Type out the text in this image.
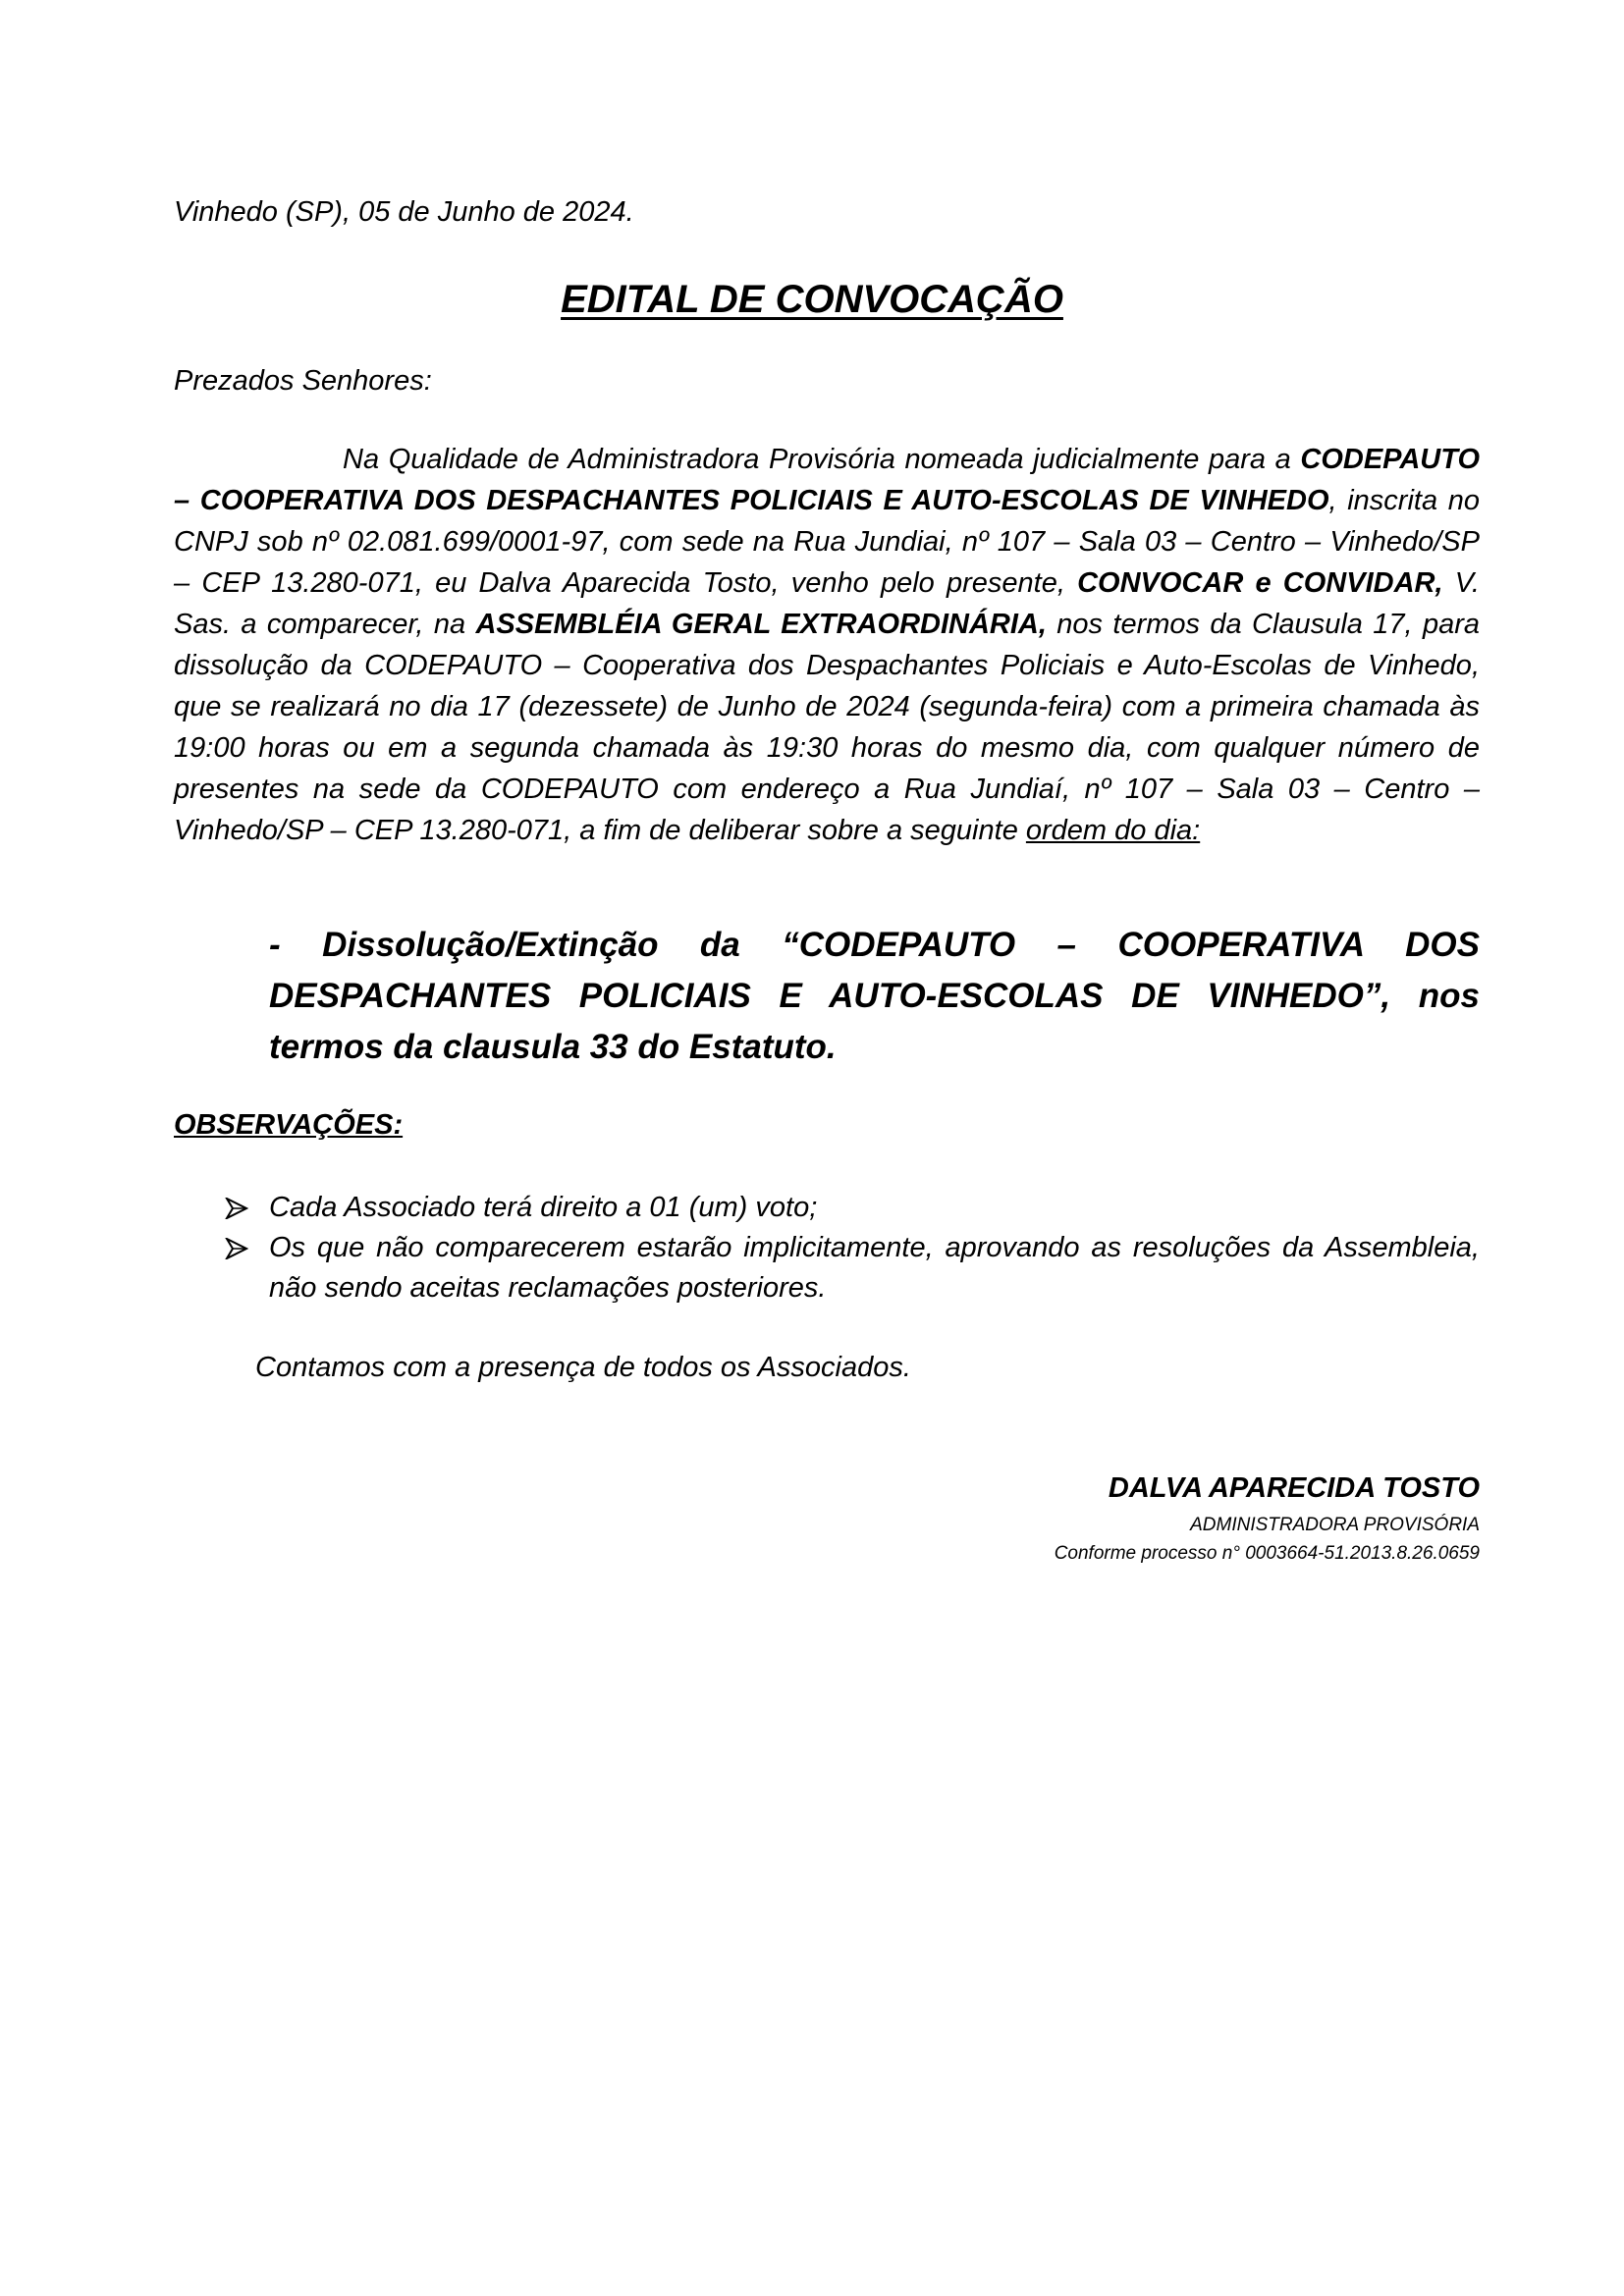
Vinhedo (SP), 05 de Junho de 2024.
EDITAL DE CONVOCAÇÃO
Prezados Senhores:
Na Qualidade de Administradora Provisória nomeada judicialmente para a CODEPAUTO – COOPERATIVA DOS DESPACHANTES POLICIAIS E AUTO-ESCOLAS DE VINHEDO, inscrita no CNPJ sob nº 02.081.699/0001-97, com sede na Rua Jundiai, nº 107 – Sala 03 – Centro – Vinhedo/SP – CEP 13.280-071, eu Dalva Aparecida Tosto, venho pelo presente, CONVOCAR e CONVIDAR, V. Sas. a comparecer, na ASSEMBLÉIA GERAL EXTRAORDINÁRIA, nos termos da Clausula 17, para dissolução da CODEPAUTO – Cooperativa dos Despachantes Policiais e Auto-Escolas de Vinhedo, que se realizará no dia 17 (dezessete) de Junho de 2024 (segunda-feira) com a primeira chamada às 19:00 horas ou em a segunda chamada às 19:30 horas do mesmo dia, com qualquer número de presentes na sede da CODEPAUTO com endereço a Rua Jundiaí, nº 107 – Sala 03 – Centro – Vinhedo/SP – CEP 13.280-071, a fim de deliberar sobre a seguinte ordem do dia:
- Dissolução/Extinção da “CODEPAUTO – COOPERATIVA DOS DESPACHANTES POLICIAIS E AUTO-ESCOLAS DE VINHEDO”, nos termos da clausula 33 do Estatuto.
OBSERVAÇÕES:
Cada Associado terá direito a 01 (um) voto;
Os que não comparecerem estarão implicitamente, aprovando as resoluções da Assembleia, não sendo aceitas reclamações posteriores.
Contamos com a presença de todos os Associados.
DALVA APARECIDA TOSTO
ADMINISTRADORA PROVISÓRIA
Conforme processo n° 0003664-51.2013.8.26.0659
